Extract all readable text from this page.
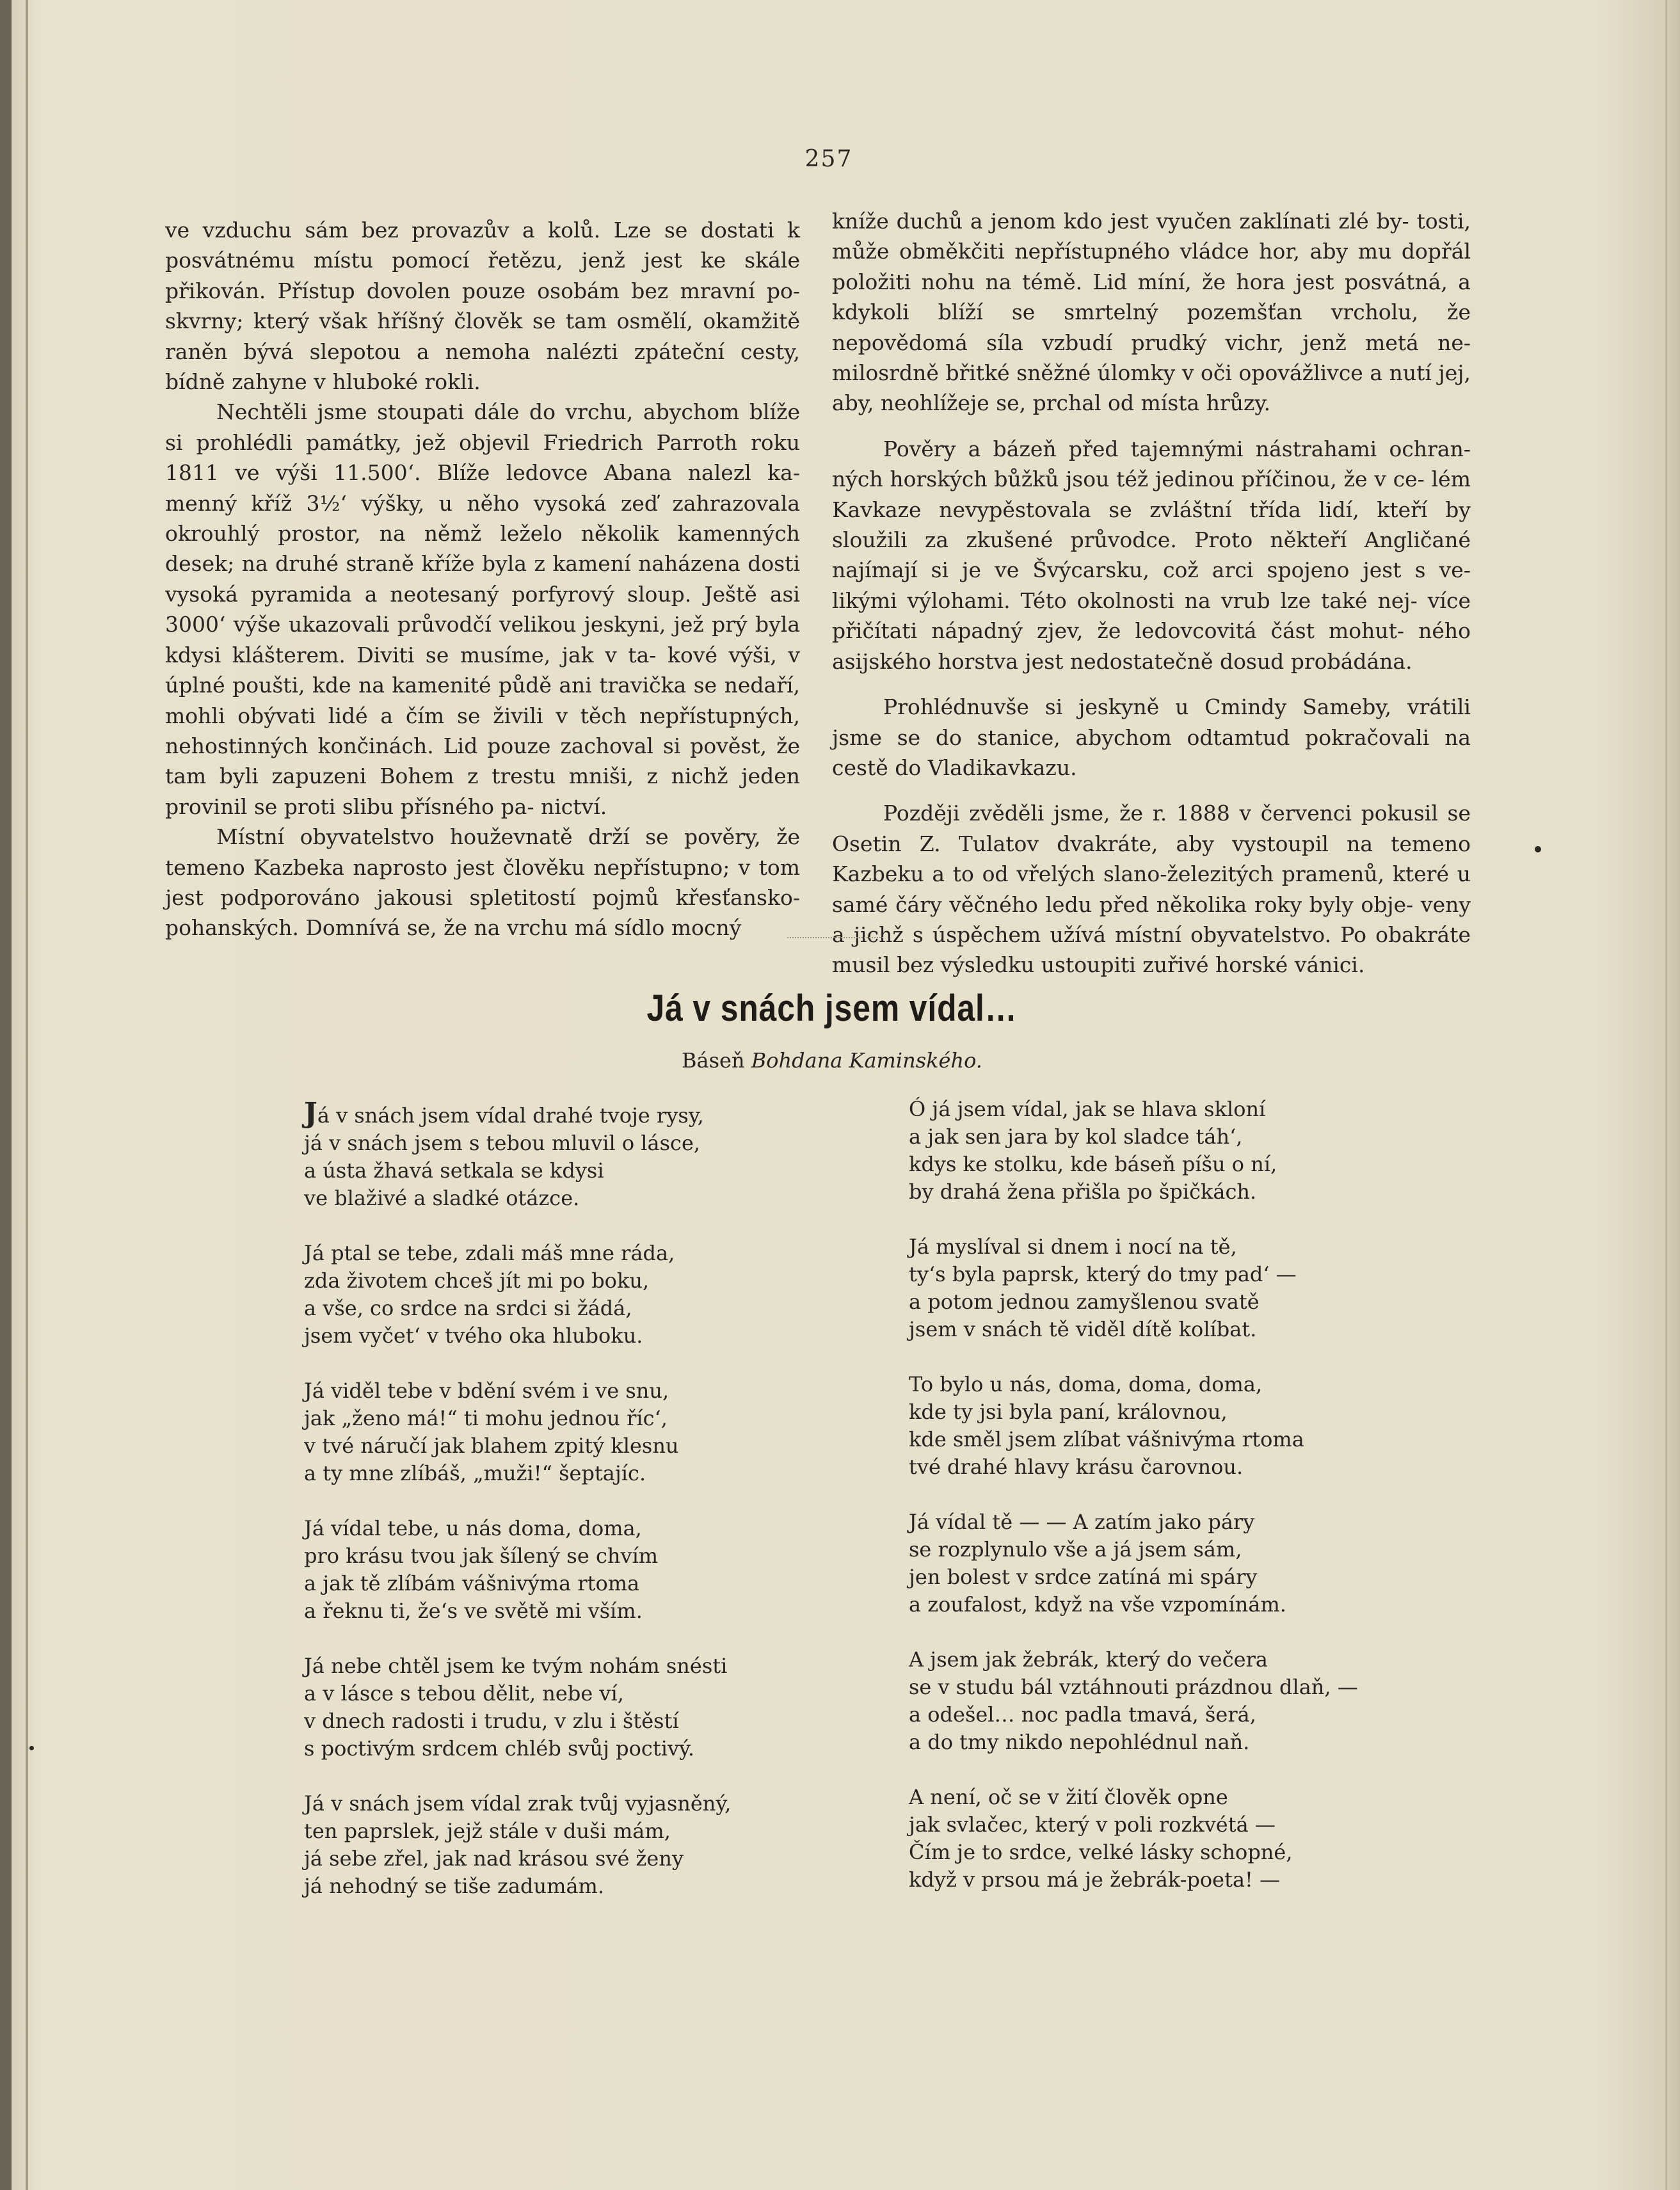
257

ve vzduchu sám bez provazův a kolů. Lze se dostati k posvátnému místu pomocí řetězu, jenž jest ke skále přikován. Přístup dovolen pouze osobám bez mravní po- skvrny; který však hříšný člověk se tam osmělí, okamžitě raněn bývá slepotou a nemoha nalézti zpáteční cesty, bídně zahyne v hluboké rokli.

Nechtěli jsme stoupati dále do vrchu, abychom blíže si prohlédli památky, jež objevil Friedrich Parroth roku 1811 ve výši 11.500‘. Blíže ledovce Abana nalezl ka- menný kříž 3½‘ výšky, u něho vysoká zeď zahrazovala okrouhlý prostor, na němž leželo několik kamenných desek; na druhé straně kříže byla z kamení naházena dosti vysoká pyramida a neotesaný porfyrový sloup. Ještě asi 3000‘ výše ukazovali průvodčí velikou jeskyni, jež prý byla kdysi klášterem. Diviti se musíme, jak v ta- kové výši, v úplné poušti, kde na kamenité půdě ani travička se nedaří, mohli obývati lidé a čím se živili v těch nepřístupných, nehostinných končinách. Lid pouze zachoval si pověst, že tam byli zapuzeni Bohem z trestu mniši, z nichž jeden provinil se proti slibu přísného pa- nictví.

Místní obyvatelstvo houževnatě drží se pověry, že temeno Kazbeka naprosto jest člověku nepřístupno; v tom jest podporováno jakousi spletitostí pojmů křesťansko- pohanských. Domnívá se, že na vrchu má sídlo mocný

kníže duchů a jenom kdo jest vyučen zaklínati zlé by- tosti, může obměkčiti nepřístupného vládce hor, aby mu dopřál položiti nohu na témě. Lid míní, že hora jest posvátná, a kdykoli blíží se smrtelný pozemšťan vrcholu, že nepovědomá síla vzbudí prudký vichr, jenž metá ne- milosrdně břitké sněžné úlomky v oči opovážlivce a nutí jej, aby, neohlížeje se, prchal od místa hrůzy.

Pověry a bázeň před tajemnými nástrahami ochran- ných horských bůžků jsou též jedinou příčinou, že v ce- lém Kavkaze nevypěstovala se zvláštní třída lidí, kteří by sloužili za zkušené průvodce. Proto někteří Angličané najímají si je ve Švýcarsku, což arci spojeno jest s ve- likými výlohami. Této okolnosti na vrub lze také nej- více přičítati nápadný zjev, že ledovcovitá část mohut- ného asijského horstva jest nedostatečně dosud probádána.

Prohlédnuvše si jeskyně u Cmindy Sameby, vrátili jsme se do stanice, abychom odtamtud pokračovali na cestě do Vladikavkazu.

Později zvěděli jsme, že r. 1888 v červenci pokusil se Osetin Z. Tulatov dvakráte, aby vystoupil na temeno Kazbeku a to od vřelých slano-železitých pramenů, které u samé čáry věčného ledu před několika roky byly obje- veny a jichž s úspěchem užívá místní obyvatelstvo. Po obakráte musil bez výsledku ustoupiti zuřivé horské vánici.

Já v snách jsem vídal…
Báseň Bohdana Kaminského.
Já v snách jsem vídal drahé tvoje rysy,
já v snách jsem s tebou mluvil o lásce,
a ústa žhavá setkala se kdysi
ve blaživé a sladké otázce.
Já ptal se tebe, zdali máš mne ráda,
zda životem chceš jít mi po boku,
a vše, co srdce na srdci si žádá,
jsem vyčet‘ v tvého oka hluboku.
Já viděl tebe v bdění svém i ve snu,
jak „ženo má!“ ti mohu jednou říc‘,
v tvé náručí jak blahem zpitý klesnu
a ty mne zlíbáš, „muži!“ šeptajíc.
Já vídal tebe, u nás doma, doma,
pro krásu tvou jak šílený se chvím
a jak tě zlíbám vášnivýma rtoma
a řeknu ti, že‘s ve světě mi vším.
Já nebe chtěl jsem ke tvým nohám snésti
a v lásce s tebou dělit, nebe ví,
v dnech radosti i trudu, v zlu i štěstí
s poctivým srdcem chléb svůj poctivý.
Já v snách jsem vídal zrak tvůj vyjasněný,
ten paprslek, jejž stále v duši mám,
já sebe zřel, jak nad krásou své ženy
já nehodný se tiše zadumám.
Ó já jsem vídal, jak se hlava skloní
a jak sen jara by kol sladce táh‘,
kdys ke stolku, kde báseň píšu o ní,
by drahá žena přišla po špičkách.
Já myslíval si dnem i nocí na tě,
ty‘s byla paprsk, který do tmy pad‘ —
a potom jednou zamyšlenou svatě
jsem v snách tě viděl dítě kolíbat.
To bylo u nás, doma, doma, doma,
kde ty jsi byla paní, královnou,
kde směl jsem zlíbat vášnivýma rtoma
tvé drahé hlavy krásu čarovnou.
Já vídal tě — — A zatím jako páry
se rozplynulo vše a já jsem sám,
jen bolest v srdce zatíná mi spáry
a zoufalost, když na vše vzpomínám.
A jsem jak žebrák, který do večera
se v studu bál vztáhnouti prázdnou dlaň, —
a odešel… noc padla tmavá, šerá,
a do tmy nikdo nepohlédnul naň.
A není, oč se v žití člověk opne
jak svlačec, který v poli rozkvétá —
Čím je to srdce, velké lásky schopné,
když v prsou má je žebrák-poeta! —
